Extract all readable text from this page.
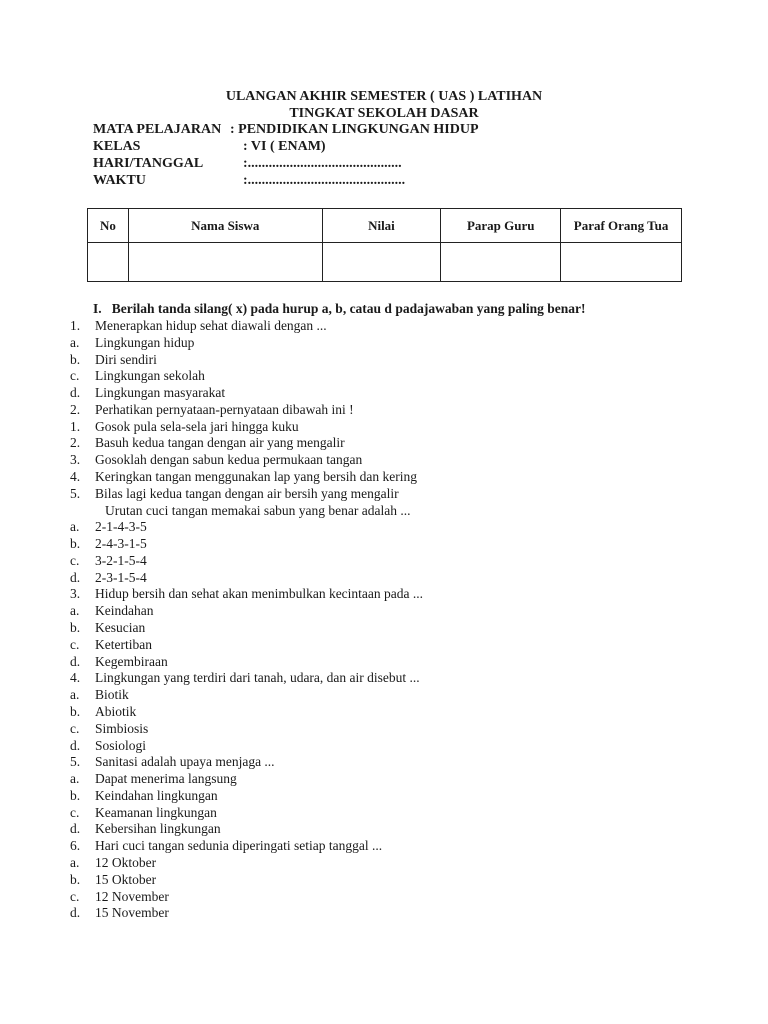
ULANGAN AKHIR SEMESTER ( UAS ) LATIHAN
TINGKAT SEKOLAH DASAR
MATA PELAJARAN : PENDIDIKAN LINGKUNGAN HIDUP
KELAS	: VI ( ENAM)
HARI/TANGGAL	:............................................
WAKTU	:.............................................
No	Nama Siswa	Nilai	Parap Guru	Paraf Orang Tua

I.   Berilah tanda silang( x) pada hurup a, b, catau d padajawaban yang paling benar!
1. Menerapkan hidup sehat diawali dengan ...
a. Lingkungan hidup
b. Diri sendiri
c. Lingkungan sekolah
d. Lingkungan masyarakat
2. Perhatikan pernyataan-pernyataan dibawah ini !
1. Gosok pula sela-sela jari hingga kuku
2. Basuh kedua tangan dengan air yang mengalir
3. Gosoklah dengan sabun kedua permukaan tangan
4. Keringkan tangan menggunakan lap yang bersih dan kering
5. Bilas lagi kedua tangan dengan air bersih yang mengalir
Urutan cuci tangan memakai sabun yang benar adalah ...
a. 2-1-4-3-5
b. 2-4-3-1-5
c. 3-2-1-5-4
d. 2-3-1-5-4
3. Hidup bersih dan sehat akan menimbulkan kecintaan pada ...
a. Keindahan
b. Kesucian
c. Ketertiban
d. Kegembiraan
4. Lingkungan yang terdiri dari tanah, udara, dan air disebut ...
a. Biotik
b. Abiotik
c. Simbiosis
d. Sosiologi
5. Sanitasi adalah upaya menjaga ...
a. Dapat menerima langsung
b. Keindahan lingkungan
c. Keamanan lingkungan
d. Kebersihan lingkungan
6. Hari cuci tangan sedunia diperingati setiap tanggal ...
a. 12 Oktober
b. 15 Oktober
c. 12 November
d. 15 November
